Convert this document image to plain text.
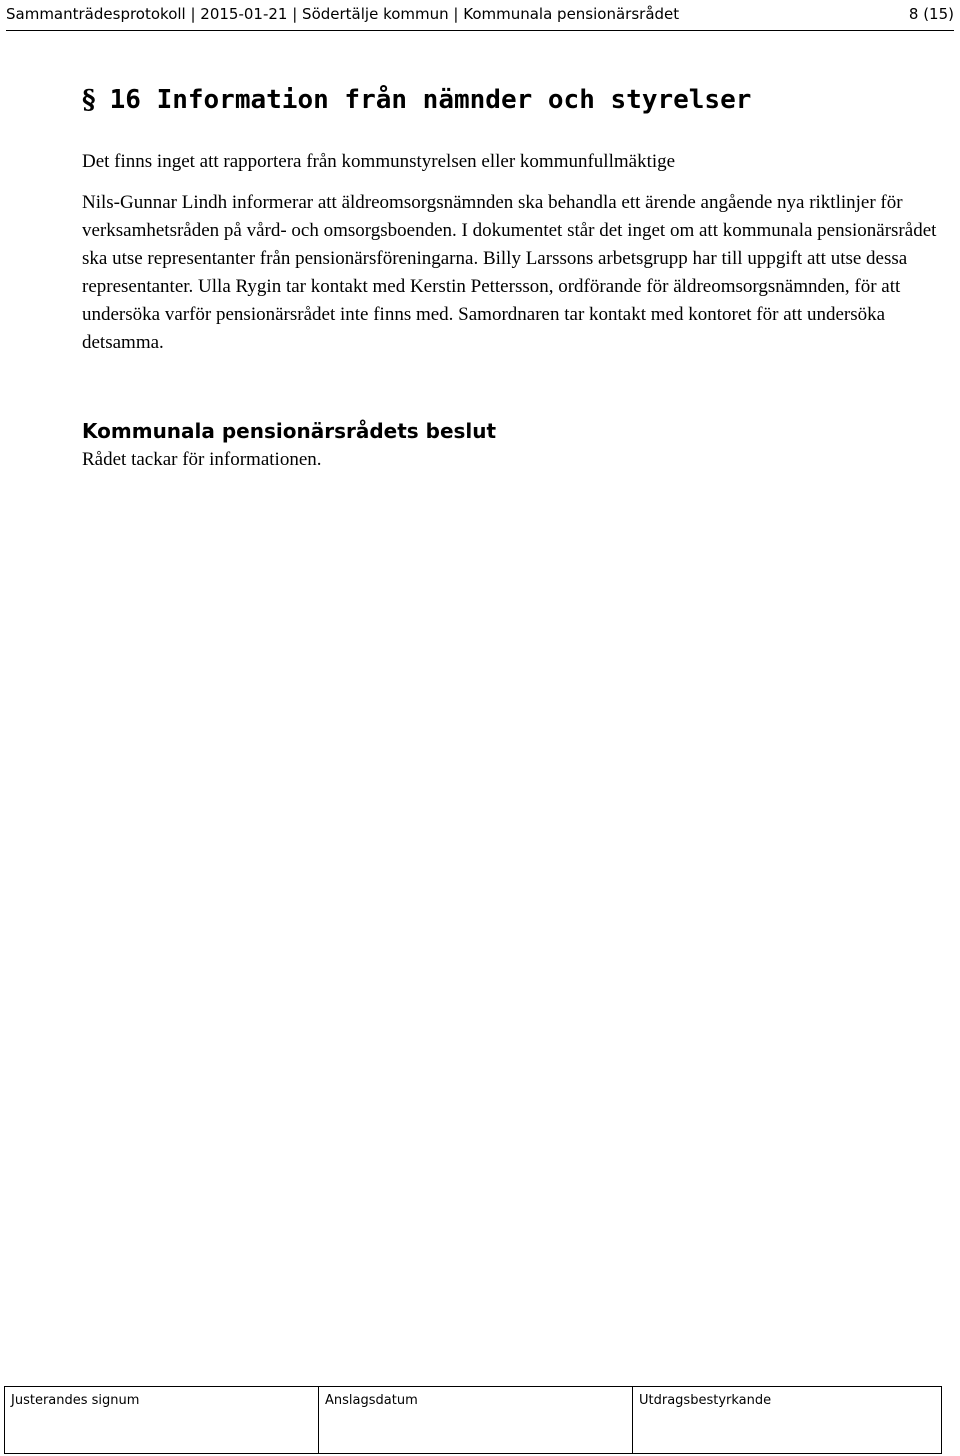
Sammanträdesprotokoll | 2015-01-21 | Södertälje kommun | Kommunala pensionärsrådet	8 (15)
§ 16 Information från nämnder och styrelser

Det finns inget att rapportera från kommunstyrelsen eller kommunfullmäktige

Nils-Gunnar Lindh informerar att äldreomsorgsnämnden ska behandla ett ärende angående nya riktlinjer för verksamhetsråden på vård- och omsorgsboenden. I dokumentet står det inget om att kommunala pensionärsrådet ska utse representanter från pensionärsföreningarna. Billy Larssons arbetsgrupp har till uppgift att utse dessa representanter. Ulla Rygin tar kontakt med Kerstin Pettersson, ordförande för äldreomsorgsnämnden, för att undersöka varför pensionärsrådet inte finns med. Samordnaren tar kontakt med kontoret för att undersöka detsamma.

Kommunala pensionärsrådets beslut
Rådet tackar för informationen.
Justerandes signum	Anslagsdatum	Utdragsbestyrkande
